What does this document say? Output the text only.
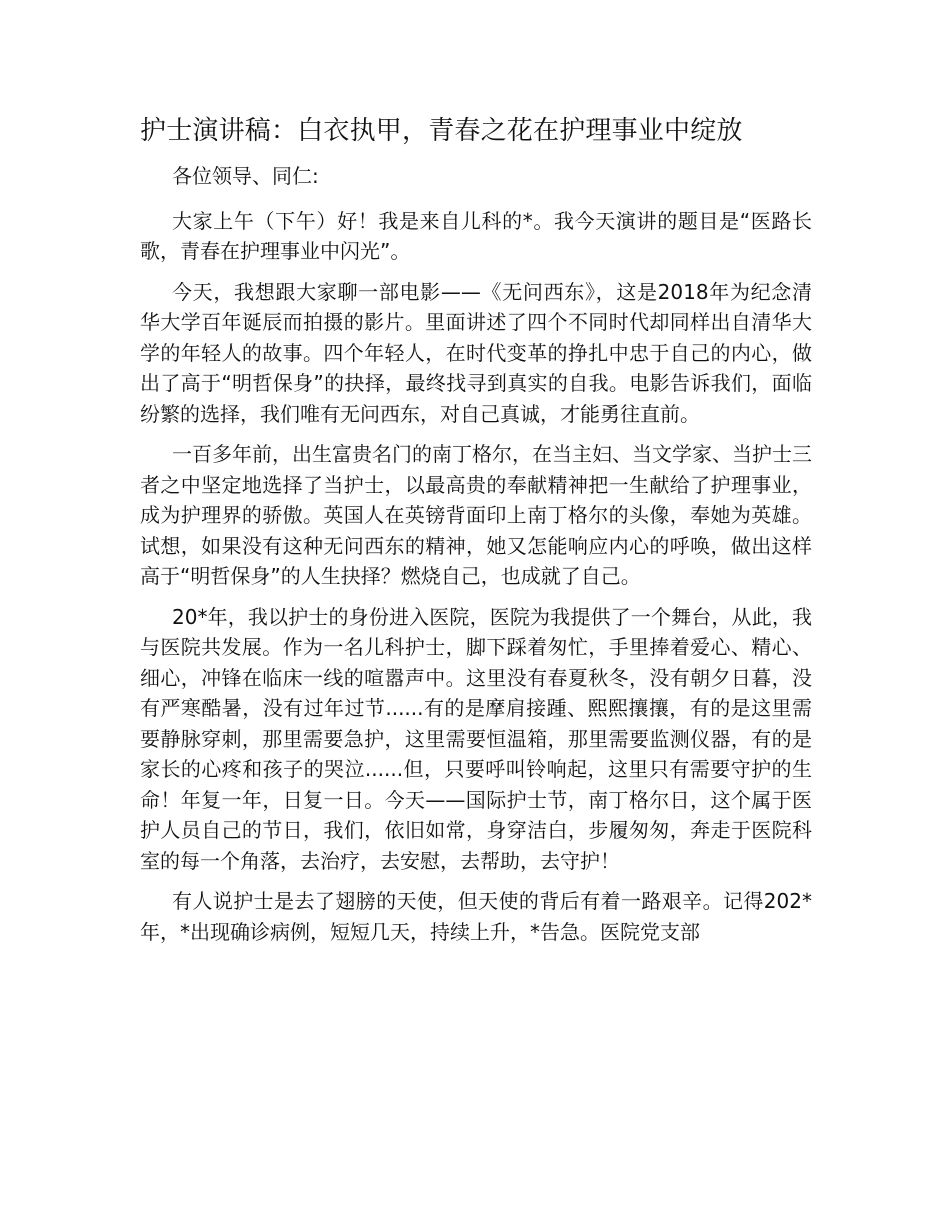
护士演讲稿：白衣执甲，青春之花在护理事业中绽放

各位领导、同仁:

大家上午（下午）好！我是来自儿科的*。我今天演讲的题目是“医路长歌，青春在护理事业中闪光”。

今天，我想跟大家聊一部电影——《无问西东》，这是2018年为纪念清华大学百年诞辰而拍摄的影片。里面讲述了四个不同时代却同样出自清华大学的年轻人的故事。四个年轻人，在时代变革的挣扎中忠于自己的内心，做出了高于“明哲保身”的抉择，最终找寻到真实的自我。电影告诉我们，面临纷繁的选择，我们唯有无问西东，对自己真诚，才能勇往直前。

一百多年前，出生富贵名门的南丁格尔，在当主妇、当文学家、当护士三者之中坚定地选择了当护士，以最高贵的奉献精神把一生献给了护理事业，成为护理界的骄傲。英国人在英镑背面印上南丁格尔的头像，奉她为英雄。试想，如果没有这种无问西东的精神，她又怎能响应内心的呼唤，做出这样高于“明哲保身”的人生抉择？燃烧自己，也成就了自己。

20*年，我以护士的身份进入医院，医院为我提供了一个舞台，从此，我与医院共发展。作为一名儿科护士，脚下踩着匆忙，手里捧着爱心、精心、细心，冲锋在临床一线的喧嚣声中。这里没有春夏秋冬，没有朝夕日暮，没有严寒酷暑，没有过年过节......有的是摩肩接踵、熙熙攘攘，有的是这里需要静脉穿刺，那里需要急护，这里需要恒温箱，那里需要监测仪器，有的是家长的心疼和孩子的哭泣......但，只要呼叫铃响起，这里只有需要守护的生命！年复一年，日复一日。今天——国际护士节，南丁格尔日，这个属于医护人员自己的节日，我们，依旧如常，身穿洁白，步履匆匆，奔走于医院科室的每一个角落，去治疗，去安慰，去帮助，去守护！

有人说护士是去了翅膀的天使，但天使的背后有着一路艰辛。记得202*年，*出现确诊病例，短短几天，持续上升，*告急。医院党支部
